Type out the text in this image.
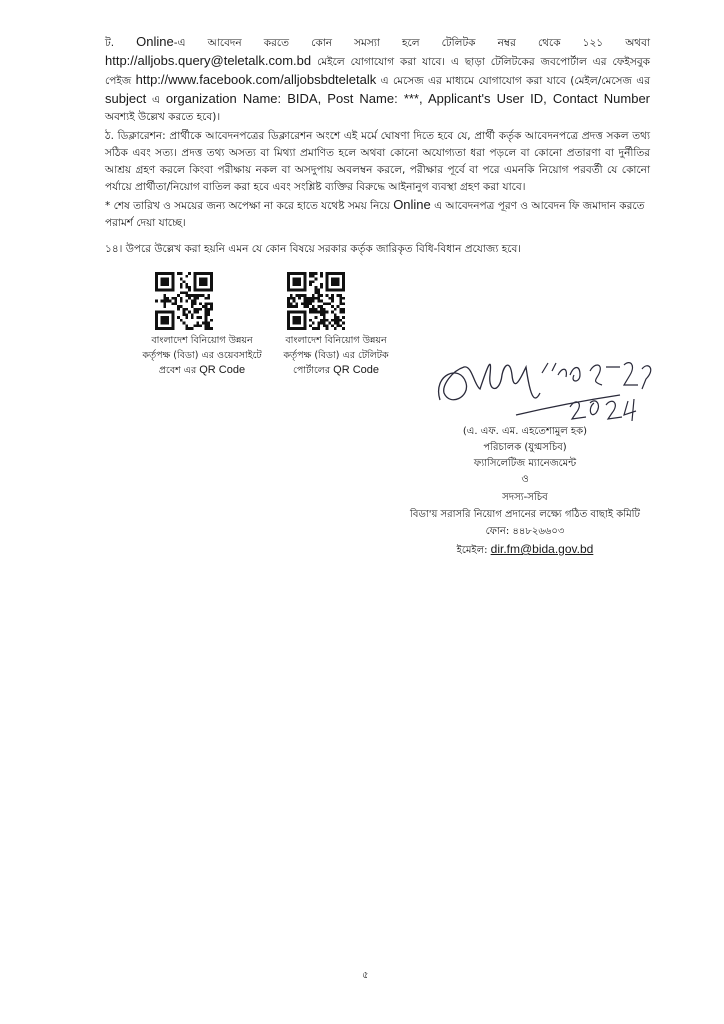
ট. Online-এ আবেদন করতে কোন সমস্যা হলে টেলিটক নম্বর থেকে ১২১ অথবা http://alljobs.query@teletalk.com.bd মেইলে যোগাযোগ করা যাবে। এ ছাড়া টেলিটকের জবপোর্টাল এর ফেইসবুক পেইজ http://www.facebook.com/alljobsbdteletalk এ মেসেজ এর মাধ্যমে যোগাযোগ করা যাবে (মেইল/মেসেজ এর subject এ organization Name: BIDA, Post Name: ***, Applicant's User ID, Contact Number অবশ্যই উল্লেখ করতে হবে)।
ঠ. ডিক্লারেশন: প্রার্থীকে আবেদনপত্রের ডিক্লারেশন অংশে এই মর্মে ঘোষণা দিতে হবে যে, প্রার্থী কর্তৃক আবেদনপত্রে প্রদত্ত সকল তথ্য সঠিক এবং সত্য। প্রদত্ত তথ্য অসত্য বা মিথ্যা প্রমাণিত হলে অথবা কোনো অযোগ্যতা ধরা পড়লে বা কোনো প্রতারণা বা দুর্নীতির আশ্রয় গ্রহণ করলে কিংবা পরীক্ষায় নকল বা অসদুপায় অবলম্বন করলে, পরীক্ষার পূর্বে বা পরে এমনকি নিয়োগ পরবর্তী যে কোনো পর্যায়ে প্রার্থীতা/নিয়োগ বাতিল করা হবে এবং সংশ্লিষ্ট ব্যক্তির বিরুদ্ধে আইনানুগ ব্যবস্থা গ্রহণ করা যাবে।
* শেষ তারিখ ও সময়ের জন্য অপেক্ষা না করে হাতে যথেষ্ট সময় নিয়ে Online এ আবেদনপত্র পূরণ ও আবেদন ফি জমাদান করতে পরামর্শ দেয়া যাচ্ছে।
১৪। উপরে উল্লেখ করা হয়নি এমন যে কোন বিষয়ে সরকার কর্তৃক জারিকৃত বিধি-বিধান প্রযোজ্য হবে।
বাংলাদেশ বিনিয়োগ উন্নয়ন
কর্তৃপক্ষ (বিডা) এর ওয়েবসাইটে
প্রবেশ এর QR Code
বাংলাদেশ বিনিয়োগ উন্নয়ন
কর্তৃপক্ষ (বিডা) এর টেলিটক
পোর্টালের QR Code
(এ. এফ. এম. এহতেশামুল হক)
পরিচালক (যুগ্মসচিব)
ফ্যাসিলেটিজ ম্যানেজমেন্ট
ও
সদস্য-সচিব
বিডা'য় সরাসরি নিয়োগ প্রদানের লক্ষ্যে গঠিত বাছাই কমিটি
ফোন: ৪৪৮২৬৬০৩
ইমেইল: dir.fm@bida.gov.bd
৫
